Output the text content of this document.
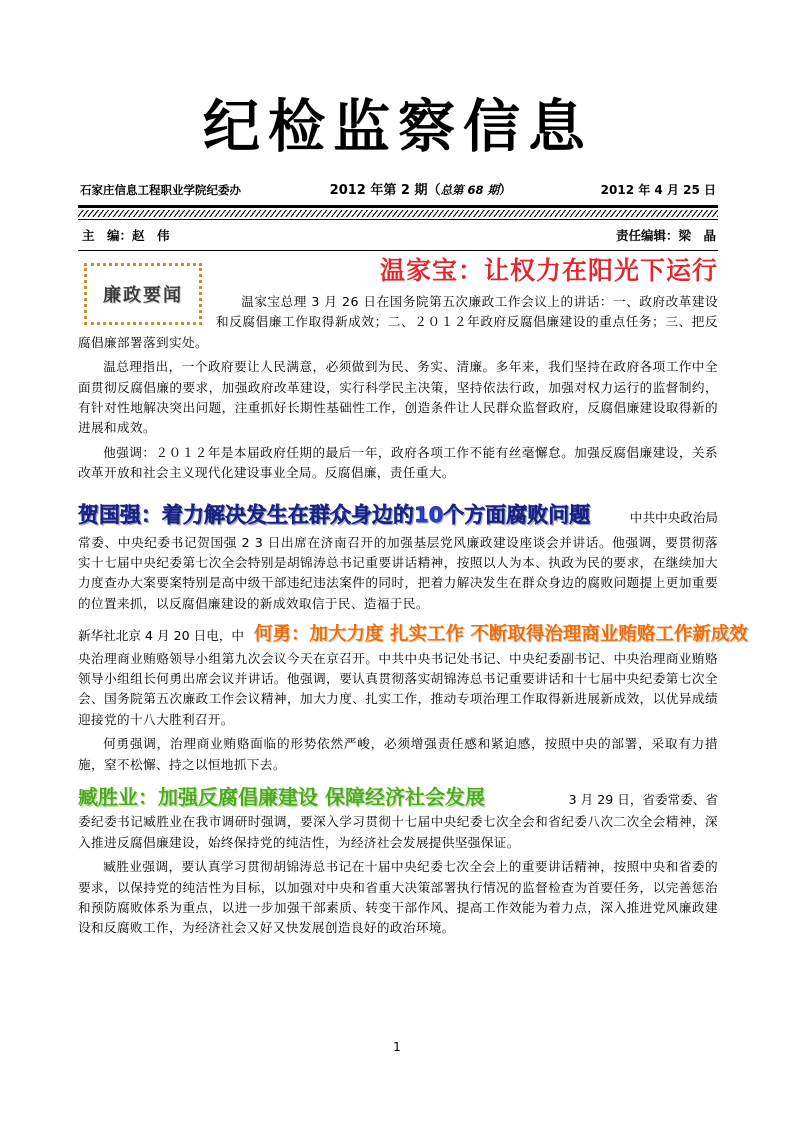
纪检监察信息
石家庄信息工程职业学院纪委办	2012 年第 2 期（总第 68 期）	2012 年 4 月 25 日
主　编：赵　伟	责任编辑：梁　晶
廉政要闻
温家宝：让权力在阳光下运行

温家宝总理 3 月 26 日在国务院第五次廉政工作会议上的讲话：一、政府改革建设和反腐倡廉工作取得新成效；二、２０１２年政府反腐倡廉建设的重点任务；三、把反腐倡廉部署落到实处。

温总理指出，一个政府要让人民满意，必须做到为民、务实、清廉。多年来，我们坚持在政府各项工作中全面贯彻反腐倡廉的要求，加强政府改革建设，实行科学民主决策，坚持依法行政，加强对权力运行的监督制约，有针对性地解决突出问题，注重抓好长期性基础性工作，创造条件让人民群众监督政府，反腐倡廉建设取得新的进展和成效。

他强调：２０１２年是本届政府任期的最后一年，政府各项工作不能有丝毫懈怠。加强反腐倡廉建设，关系改革开放和社会主义现代化建设事业全局。反腐倡廉，责任重大。

贺国强：着力解决发生在群众身边的10个方面腐败问题	中共中央政治局

常委、中央纪委书记贺国强 2 3 日出席在济南召开的加强基层党风廉政建设座谈会并讲话。他强调，要贯彻落实十七届中央纪委第七次全会特别是胡锦涛总书记重要讲话精神，按照以人为本、执政为民的要求，在继续加大力度查办大案要案特别是高中级干部违纪违法案件的同时，把着力解决发生在群众身边的腐败问题提上更加重要的位置来抓，以反腐倡廉建设的新成效取信于民、造福于民。

新华社北京 4 月 20 日电，中 何勇：加大力度 扎实工作 不断取得治理商业贿赂工作新成效

央治理商业贿赂领导小组第九次会议今天在京召开。中共中央书记处书记、中央纪委副书记、中央治理商业贿赂领导小组组长何勇出席会议并讲话。他强调，要认真贯彻落实胡锦涛总书记重要讲话和十七届中央纪委第七次全会、国务院第五次廉政工作会议精神，加大力度、扎实工作，推动专项治理工作取得新进展新成效，以优异成绩迎接党的十八大胜利召开。

何勇强调，治理商业贿赂面临的形势依然严峻，必须增强责任感和紧迫感，按照中央的部署，采取有力措施，窒不松懈、持之以恒地抓下去。

臧胜业：加强反腐倡廉建设 保障经济社会发展	3 月 29 日，省委常委、省

委纪委书记臧胜业在我市调研时强调，要深入学习贯彻十七届中央纪委七次全会和省纪委八次二次全会精神，深入推进反腐倡廉建设，始终保持党的纯洁性，为经济社会发展提供坚强保证。

臧胜业强调，要认真学习贯彻胡锦涛总书记在十届中央纪委七次全会上的重要讲话精神，按照中央和省委的要求，以保持党的纯洁性为目标，以加强对中央和省重大决策部署执行情况的监督检查为首要任务，以完善惩治和预防腐败体系为重点，以进一步加强干部素质、转变干部作风、提高工作效能为着力点，深入推进党风廉政建设和反腐败工作，为经济社会又好又快发展创造良好的政治环境。

1
